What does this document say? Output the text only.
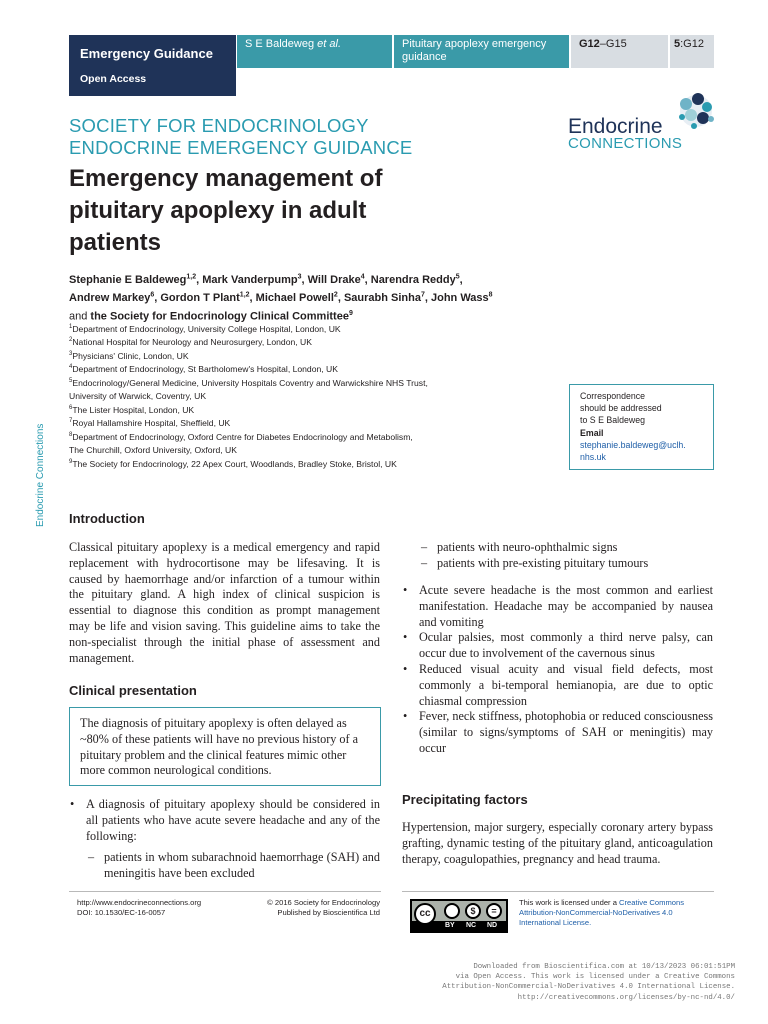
Emergency Guidance
Open Access
S E Baldeweg et al.	Pituitary apoplexy emergency guidance
G12–G15	5:G12
Endocrine
CONNECTIONS
SOCIETY FOR ENDOCRINOLOGY
ENDOCRINE EMERGENCY GUIDANCE
Emergency management of
pituitary apoplexy in adult
patients
Stephanie E Baldeweg$^{1,2}$, Mark Vanderpump$^3$, Will Drake$^4$, Narendra Reddy$^5$,
Andrew Markey$^6$, Gordon T Plant$^{1,2}$, Michael Powell$^2$, Saurabh Sinha$^7$, John Wass$^8$
and the Society for Endocrinology Clinical Committee$^9$
$^1$Department of Endocrinology, University College Hospital, London, UK
$^2$National Hospital for Neurology and Neurosurgery, London, UK
$^3$Physicians' Clinic, London, UK
$^4$Department of Endocrinology, St Bartholomew's Hospital, London, UK
$^5$Endocrinology/General Medicine, University Hospitals Coventry and Warwickshire NHS Trust,
University of Warwick, Coventry, UK
$^6$The Lister Hospital, London, UK
$^7$Royal Hallamshire Hospital, Sheffield, UK
$^8$Department of Endocrinology, Oxford Centre for Diabetes Endocrinology and Metabolism,
The Churchill, Oxford University, Oxford, UK
$^9$The Society for Endocrinology, 22 Apex Court, Woodlands, Bradley Stoke, Bristol, UK
Correspondence
should be addressed
to S E Baldeweg
Email
stephanie.baldeweg@uclh.
nhs.uk
Endocrine Connections Introduction
Classical pituitary apoplexy is a medical emergency and rapid replacement with hydrocortisone may be lifesaving. It is caused by haemorrhage and/or infarction of a tumour within the pituitary gland. A high index of clinical suspicion is essential to diagnose this condition as prompt management may be life and vision saving. This guideline aims to take the non-specialist through the initial phase of assessment and management.
Clinical presentation
The diagnosis of pituitary apoplexy is often delayed as ~80% of these patients will have no previous history of a pituitary problem and the clinical features mimic other more common neurological conditions.
• A diagnosis of pituitary apoplexy should be considered in all patients who have acute severe headache and any of the following:
– patients in whom subarachnoid haemorrhage (SAH) and meningitis have been excluded
– patients with neuro-ophthalmic signs
– patients with pre-existing pituitary tumours
• Acute severe headache is the most common and earliest manifestation. Headache may be accompanied by nausea and vomiting
• Ocular palsies, most commonly a third nerve palsy, can occur due to involvement of the cavernous sinus
• Reduced visual acuity and visual field defects, most commonly a bi-temporal hemianopia, are due to optic chiasmal compression
• Fever, neck stiffness, photophobia or reduced consciousness (similar to signs/symptoms of SAH or meningitis) may occur
Precipitating factors
Hypertension, major surgery, especially coronary artery bypass grafting, dynamic testing of the pituitary gland, anticoagulation therapy, coagulopathies, pregnancy and head trauma.
http://www.endocrineconnections.org
DOI: 10.1530/EC-16-0057
© 2016 Society for Endocrinology
Published by Bioscientifica Ltd	cc	$	=
BY NC ND
This work is licensed under a Creative Commons
Attribution-NonCommercial-NoDerivatives 4.0
International License.
Downloaded from Bioscientifica.com at 10/13/2023 06:01:51PM
via Open Access. This work is licensed under a Creative Commons
Attribution-NonCommercial-NoDerivatives 4.0 International License.
http://creativecommons.org/licenses/by-nc-nd/4.0/
